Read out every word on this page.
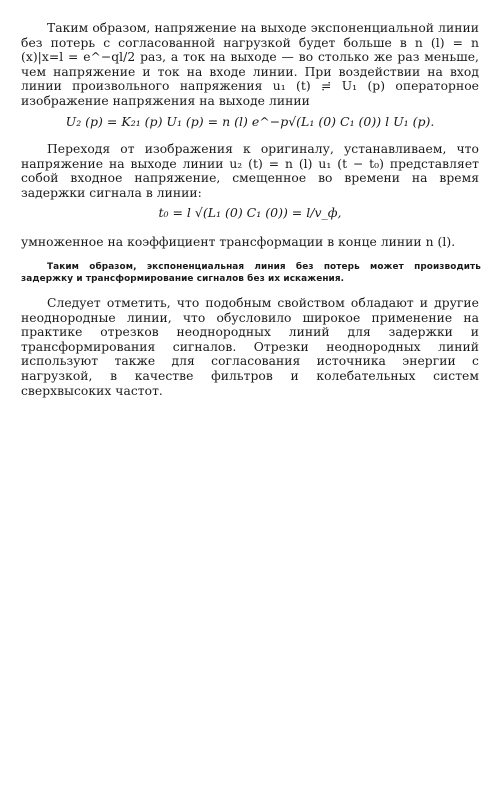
Таким образом, напряжение на выходе экспоненциальной линии без потерь с согласованной нагрузкой будет больше в n (l) = n (x)|x=l = e^−ql/2 раз, а ток на выходе — во столько же раз меньше, чем напряжение и ток на входе линии. При воздействии на вход линии произвольного напряжения u₁ (t) ≓ U₁ (p) операторное изображение напряжения на выходе линии

U₂ (p) = K₂₁ (p) U₁ (p) = n (l) e^−p√(L₁ (0) C₁ (0)) l U₁ (p).

Переходя от изображения к оригиналу, устанавливаем, что напряжение на выходе линии u₂ (t) = n (l) u₁ (t − t₀) представляет собой входное напряжение, смещенное во времени на время задержки сигнала в линии:

t₀ = l √(L₁ (0) C₁ (0)) = l/v_ф,

умноженное на коэффициент трансформации в конце линии n (l).

Таким образом, экспоненциальная линия без потерь может производить задержку и трансформирование сигналов без их искажения.

Следует отметить, что подобным свойством обладают и другие неоднородные линии, что обусловило широкое применение на практике отрезков неоднородных линий для задержки и трансформирования сигналов. Отрезки неоднородных линий используют также для согласования источника энергии с нагрузкой, в качестве фильтров и колебательных систем сверхвысоких частот.
